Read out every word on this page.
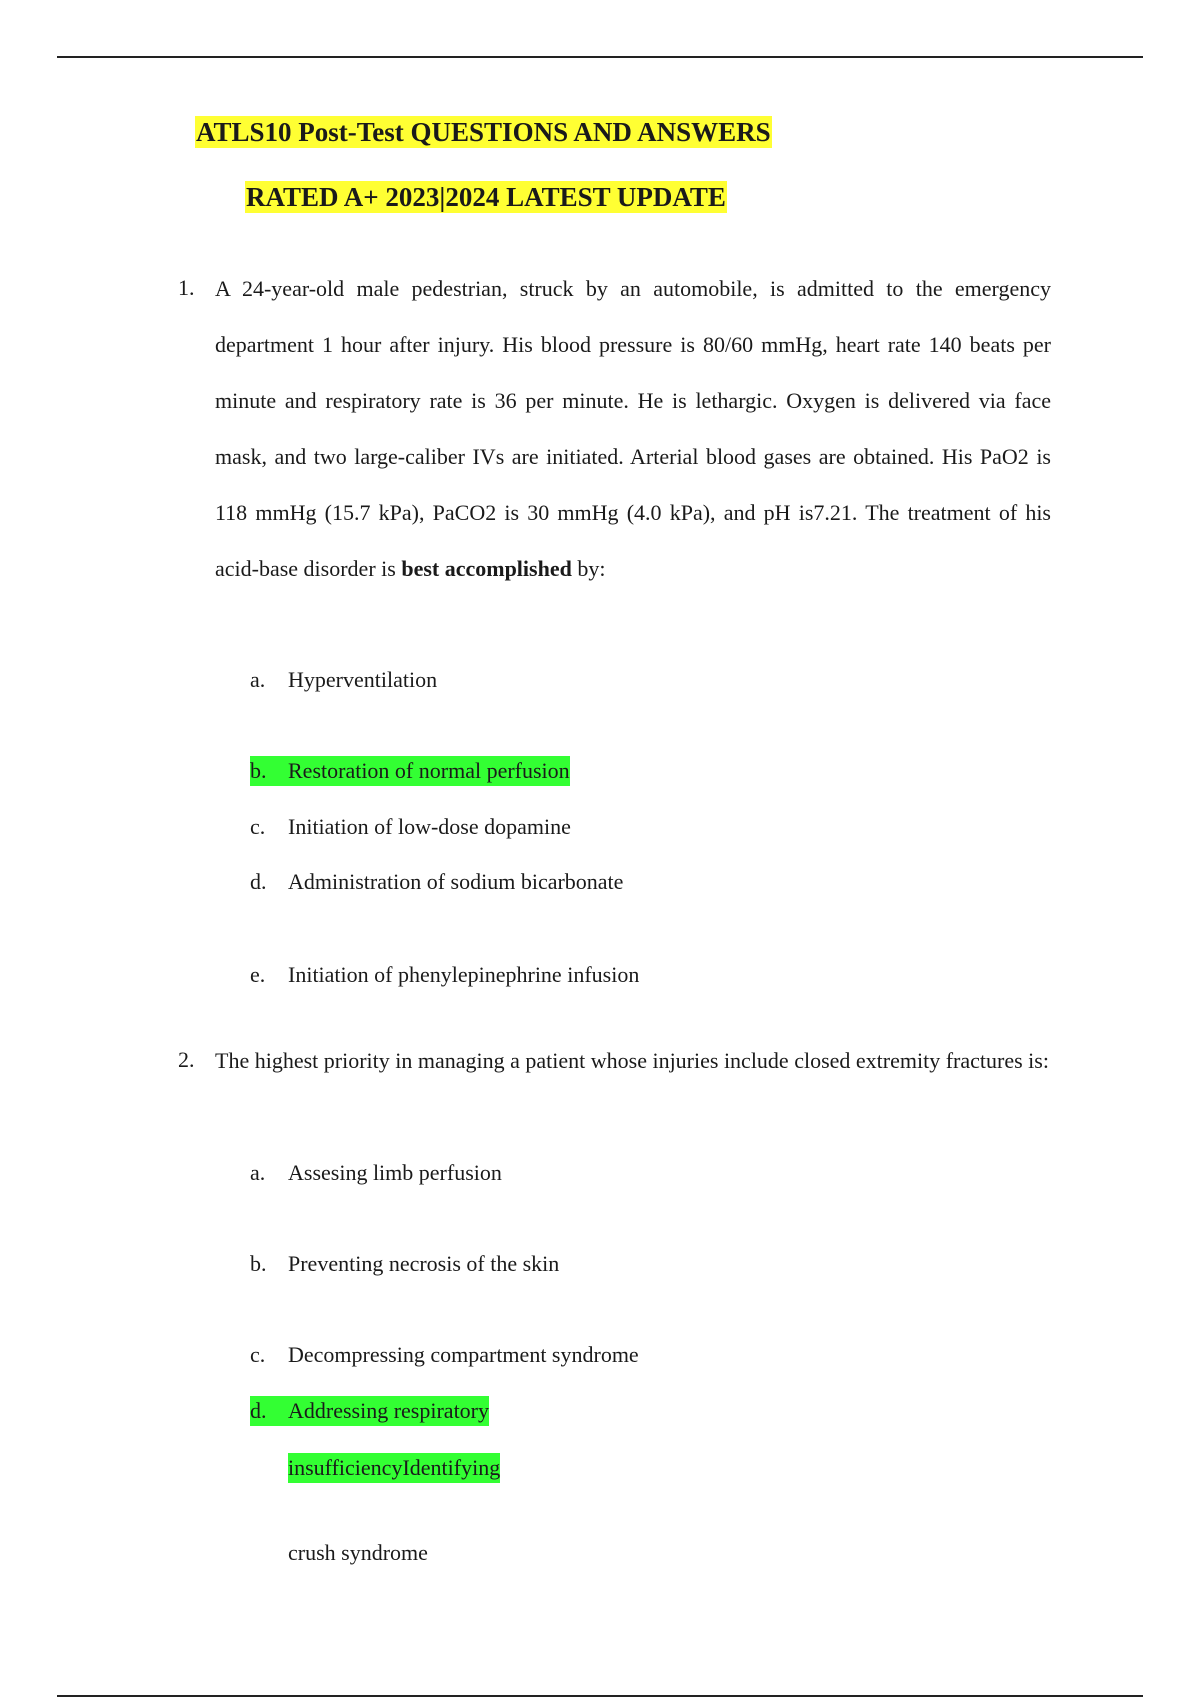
ATLS10 Post-Test QUESTIONS AND ANSWERS
RATED A+ 2023|2024 LATEST UPDATE
1. A 24-year-old male pedestrian, struck by an automobile, is admitted to the emergency department 1 hour after injury. His blood pressure is 80/60 mmHg, heart rate 140 beats per minute and respiratory rate is 36 per minute. He is lethargic. Oxygen is delivered via face mask, and two large-caliber IVs are initiated. Arterial blood gases are obtained. His PaO2 is 118 mmHg (15.7 kPa), PaCO2 is 30 mmHg (4.0 kPa), and pH is7.21. The treatment of his acid-base disorder is best accomplished by:
a. Hyperventilation
b. Restoration of normal perfusion
c. Initiation of low-dose dopamine
d. Administration of sodium bicarbonate
e. Initiation of phenylepinephrine infusion
2. The highest priority in managing a patient whose injuries include closed extremity fractures is:
a. Assesing limb perfusion
b. Preventing necrosis of the skin
c. Decompressing compartment syndrome
d. Addressing respiratory
insufficiencyIdentifying
crush syndrome
